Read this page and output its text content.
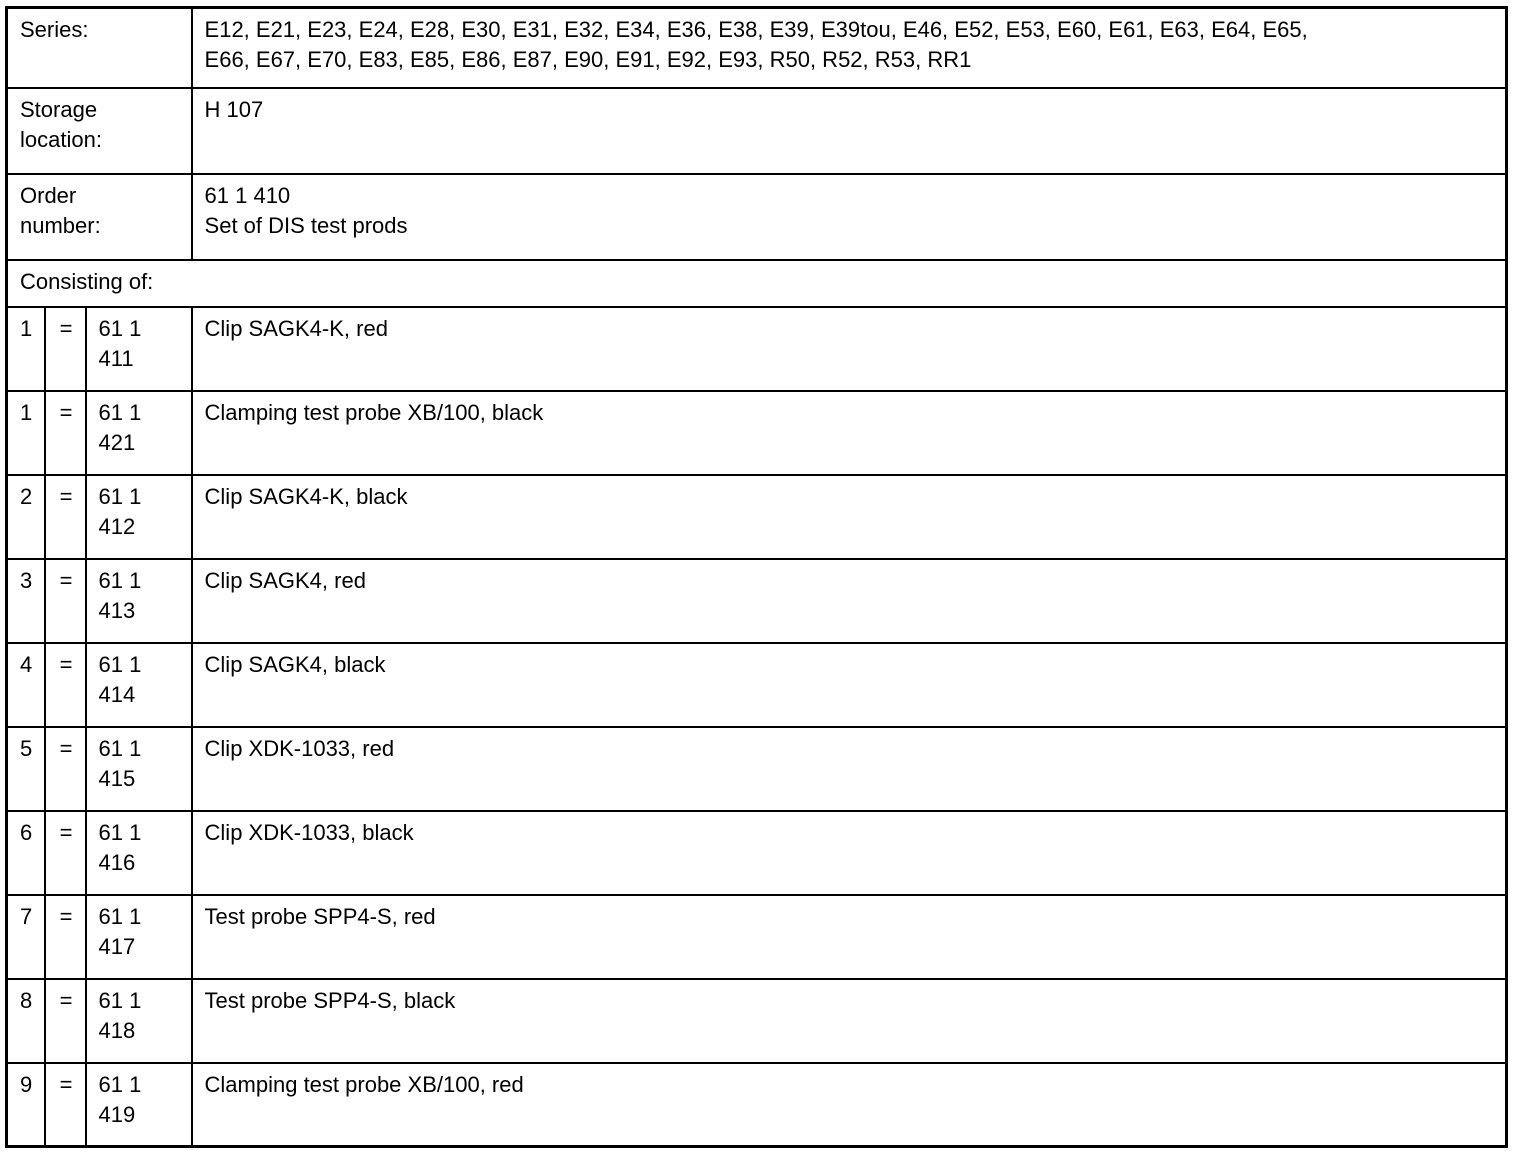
Series:			E12, E21, E23, E24, E28, E30, E31, E32, E34, E36, E38, E39, E39tou, E46, E52, E53, E60, E61, E63, E64, E65, E66, E67, E70, E83, E85, E86, E87, E90, E91, E92, E93, R50, R52, R53, RR1
Storage location:			H 107
Order number:			61 1 410
Set of DIS test prods

Consisting of:			
1	=	61 1 411	Clip SAGK4-K, red
1	=	61 1 421	Clamping test probe XB/100, black
2	=	61 1 412	Clip SAGK4-K, black
3	=	61 1 413	Clip SAGK4, red
4	=	61 1 414	Clip SAGK4, black
5	=	61 1 415	Clip XDK-1033, red
6	=	61 1 416	Clip XDK-1033, black
7	=	61 1 417	Test probe SPP4-S, red
8	=	61 1 418	Test probe SPP4-S, black
9	=	61 1 419	Clamping test probe XB/100, red
